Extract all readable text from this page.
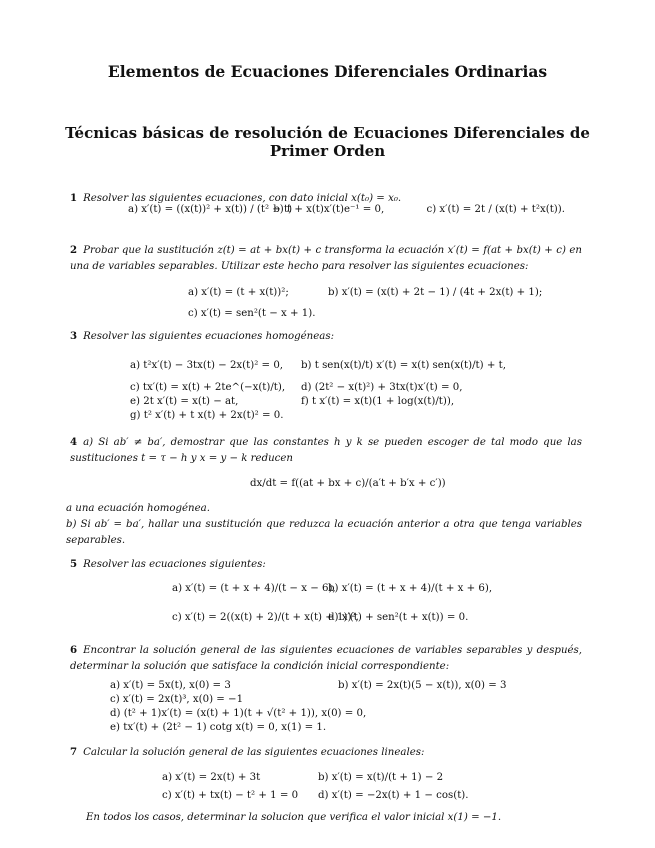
Elementos de Ecuaciones Diferenciales Ordinarias
Técnicas básicas de resolución de Ecuaciones Diferenciales de Primer Orden
1 Resolver las siguientes ecuaciones, con dato inicial x(t₀) = x₀.
a) x′(t) = ((x(t))² + x(t)) / (t² − t) b) t + x(t)x′(t)e⁻¹ = 0,	c) x′(t) = 2t / (x(t) + t²x(t)).
2 Probar que la sustitución z(t) = at + bx(t) + c transforma la ecuación x′(t) = f(at + bx(t) + c) en una de variables separables. Utilizar este hecho para resolver las siguientes ecuaciones:
a) x′(t) = (t + x(t))²;	b) x′(t) = (x(t) + 2t − 1) / (4t + 2x(t) + 1);
c) x′(t) = sen²(t − x + 1).
3 Resolver las siguientes ecuaciones homogéneas:
a) t²x′(t) − 3tx(t) − 2x(t)² = 0, b) t sen(x(t)/t) x′(t) = x(t) sen(x(t)/t) + t,
c) tx′(t) = x(t) + 2te^(−x(t)/t), d) (2t² − x(t)²) + 3tx(t)x′(t) = 0,
e) 2t x′(t) = x(t) − at,	f) t x′(t) = x(t)(1 + log(x(t)/t)),
g) t² x′(t) + t x(t) + 2x(t)² = 0.
4 a) Si ab′ ≠ ba′, demostrar que las constantes h y k se pueden escoger de tal modo que las sustituciones t = τ − h y x = y − k reducen
dx/dt = f((at + bx + c)/(a′t + b′x + c′))
a una ecuación homogénea.
b) Si ab′ = ba′, hallar una sustitución que reduzca la ecuación anterior a otra que tenga variables separables.
5 Resolver las ecuaciones siguientes:
a) x′(t) = (t + x + 4)/(t − x − 6),
b) x′(t) = (t + x + 4)/(t + x + 6),
c) x′(t) = 2((x(t) + 2)/(t + x(t) + 1))²,
d) x′(t) + sen²(t + x(t)) = 0.
6 Encontrar la solución general de las siguientes ecuaciones de variables separables y después, determinar la solución que satisface la condición inicial correspondiente:
a) x′(t) = 5x(t), x(0) = 3	b) x′(t) = 2x(t)(5 − x(t)), x(0) = 3
c) x′(t) = 2x(t)³, x(0) = −1
d) (t² + 1)x′(t) = (x(t) + 1)(t + √(t² + 1)), x(0) = 0,
e) tx′(t) + (2t² − 1) cotg x(t) = 0, x(1) = 1.
7 Calcular la solución general de las siguientes ecuaciones lineales:
a) x′(t) = 2x(t) + 3t	b) x′(t) = x(t)/(t + 1) − 2
c) x′(t) + tx(t) − t² + 1 = 0 d) x′(t) = −2x(t) + 1 − cos(t).
En todos los casos, determinar la solucion que verifica el valor inicial x(1) = −1.
